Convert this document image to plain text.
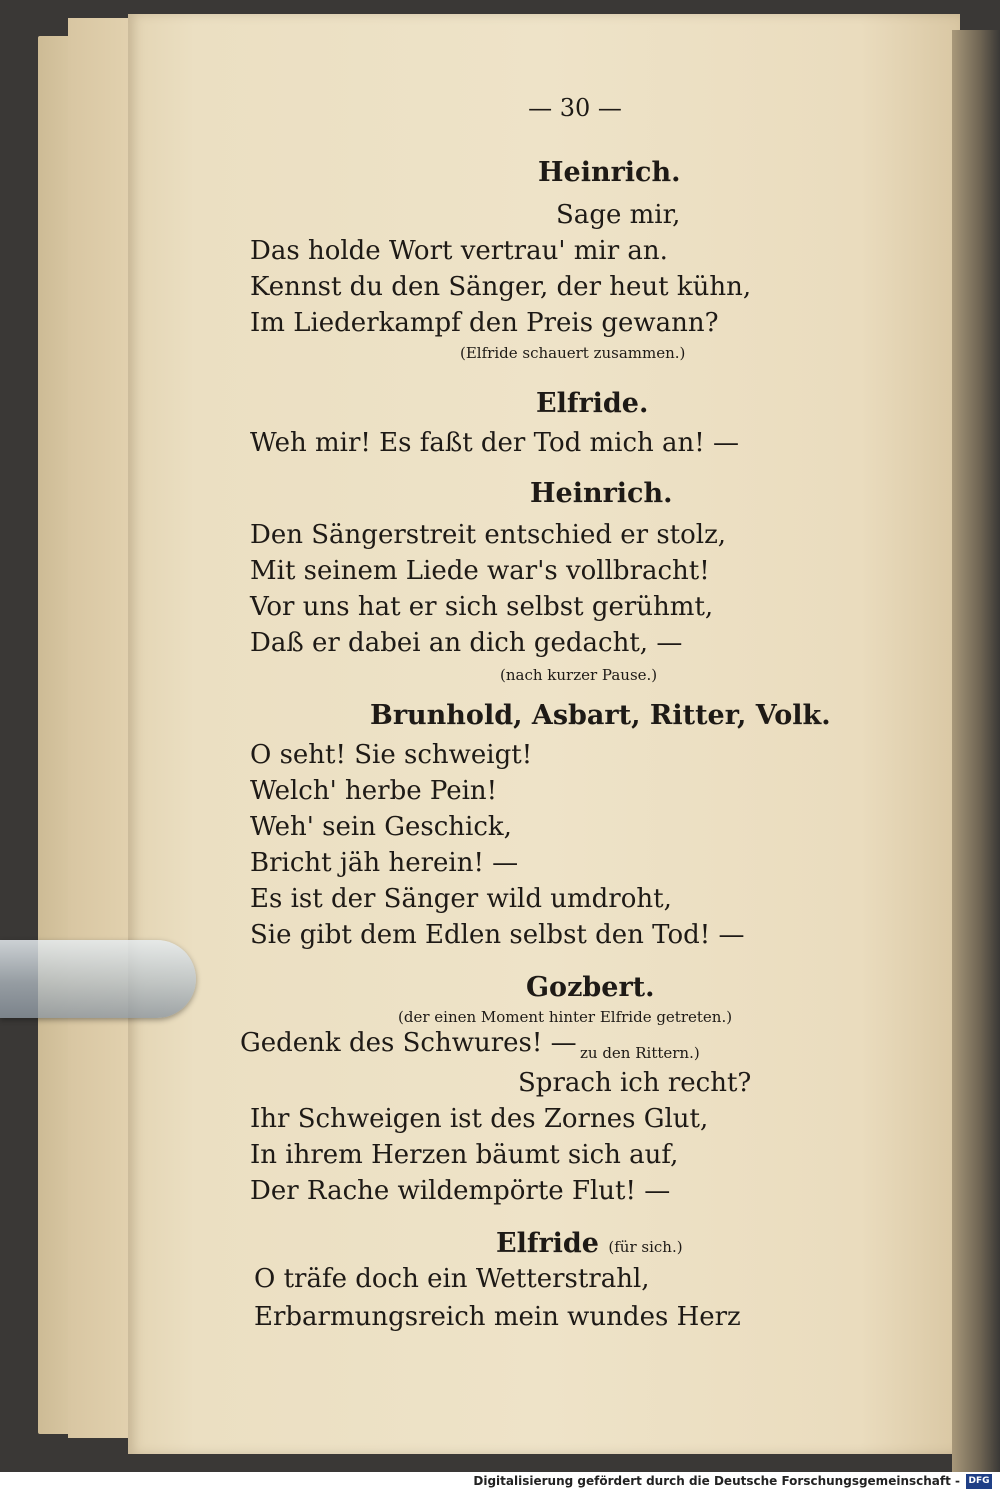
— 30 —
Heinrich.
Sage mir,
Das holde Wort vertrau' mir an.
Kennst du den Sänger, der heut kühn,
Im Liederkampf den Preis gewann?
(Elfride schauert zusammen.)
Elfride.
Weh mir! Es faßt der Tod mich an! —
Heinrich.
Den Sängerstreit entschied er stolz,
Mit seinem Liede war's vollbracht!
Vor uns hat er sich selbst gerühmt,
Daß er dabei an dich gedacht, —
(nach kurzer Pause.)
Brunhold, Asbart, Ritter, Volk.
O seht! Sie schweigt!
Welch' herbe Pein!
Weh' sein Geschick,
Bricht jäh herein! —
Es ist der Sänger wild umdroht,
Sie gibt dem Edlen selbst den Tod! —
Gozbert.
(der einen Moment hinter Elfride getreten.)
Gedenk des Schwures! — zu den Rittern.)
Sprach ich recht?
Ihr Schweigen ist des Zornes Glut,
In ihrem Herzen bäumt sich auf,
Der Rache wildempörte Flut! —
Elfride (für sich.)
O träfe doch ein Wetterstrahl,
Erbarmungsreich mein wundes Herz
Digitalisierung gefördert durch die Deutsche Forschungsgemeinschaft - DFG
